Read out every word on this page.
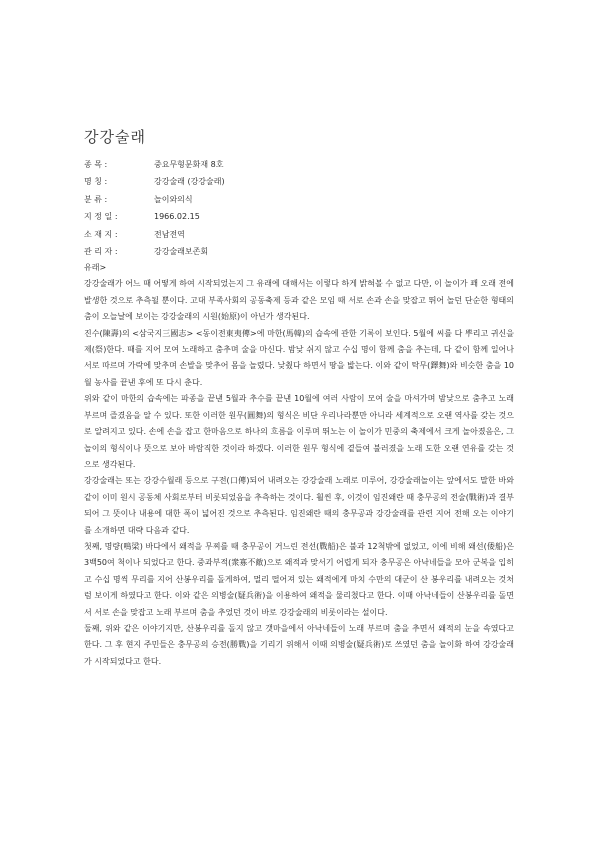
강강술래
종 목 :	중요무형문화재 8호
명 칭 :	강강술래 (강강술래)
분 류 :	놀이와의식
지 정 일 :	1966.02.15
소 재 지 :	전남전역
관 리 자 :	강강술래보존회
유래>

강강술래가 어느 때 어떻게 하여 시작되었는지 그 유래에 대해서는 이렇다 하게 밝혀볼 수 없고 다만, 이 놀이가 꽤 오래 전에 발생한 것으로 추측될 뿐이다. 고대 부족사회의 공동축제 등과 같은 모임 때 서로 손과 손을 맞잡고 뛰어 놀던 단순한 형태의 춤이 오늘날에 보이는 강강술래의 시원(始原)이 아닌가 생각된다.

진수(陳壽)의 <삼국지三國志> <동이전東夷傳>에 마한(馬韓)의 습속에 관한 기록이 보인다. 5월에 씨를 다 뿌리고 귀신을 제(祭)한다. 때를 지어 모여 노래하고 춤추며 술을 마신다. 밤낮 쉬지 않고 수십 명이 함께 춤을 추는데, 다 같이 함께 일어나 서로 따르며 가락에 맞추며 손발을 맞추어 몸을 놀렸다. 낮췄다 하면서 땅을 밟는다. 이와 같이 탁무(鐸舞)와 비슷한 춤을 10월 농사를 끝낸 후에 또 다시 춘다.

위와 같이 마한의 습속에는 파종을 끝낸 5월과 추수를 끝낸 10월에 여러 사람이 모여 술을 마셔가며 밤낮으로 춤추고 노래 부르며 즐겼음을 알 수 있다. 또한 이러한 원무(圓舞)의 형식은 비단 우리나라뿐만 아니라 세계적으로 오랜 역사를 갖는 것으로 알려지고 있다. 손에 손을 잡고 한마음으로 하나의 흐름을 이루며 뛰노는 이 놀이가 민중의 축제에서 크게 놀아졌음은, 그 놀이의 형식이나 뜻으로 보아 바람직한 것이라 하겠다. 이러한 원무 형식에 곁들여 불러졌을 노래 도한 오랜 연유를 갖는 것으로 생각된다.

강강술래는 또는 강강수월래 등으로 구전(口傳)되어 내려오는 강강술래 노래로 미루어, 강강술래놀이는 앞에서도 말한 바와 같이 이미 원시 공동체 사회로부터 비롯되었음을 추측하는 것이다. 훨씬 후, 이것이 임진왜란 때 충무공의 전술(戰術)과 결부되어 그 뜻이나 내용에 대한 폭이 넓어진 것으로 추측된다. 임진왜란 때의 충무공과 강강술래를 관련 지어 전해 오는 이야기를 소개하면 대략 다음과 같다.

첫째, 명량(鳴梁) 바다에서 왜적을 무찌를 때 충무공이 거느린 전선(戰船)은 불과 12척밖에 없었고, 이에 비해 왜선(倭船)은 3백50여 척이나 되었다고 한다. 중과부적(衆寡不敵)으로 왜적과 맞서기 어렵게 되자 충무공은 아낙네들을 모아 군복을 입히고 수십 명씩 무리를 지어 산봉우리를 돌게하여, 멀리 떨어져 있는 왜적에게 마치 수만의 대군이 산 봉우리를 내려오는 것처럼 보이게 하였다고 한다. 이와 같은 의병술(疑兵術)을 이용하여 왜적을 물리쳤다고 한다. 이때 아낙네들이 산봉우리를 돌면서 서로 손을 맞잡고 노래 부르며 춤을 추었던 것이 바로 강강술래의 비롯이라는 설이다.

둘째, 위와 같은 이야기지만, 산봉우리를 돌지 않고 갯마을에서 아낙네들이 노래 부르며 춤을 추면서 왜적의 눈을 속였다고 한다. 그 후 현지 주민들은 충무공의 승전(勝戰)을 기리기 위해서 이때 의병술(疑兵術)로 쓰였던 춤을 놀이화 하여 강강술래가 시작되었다고 한다.
